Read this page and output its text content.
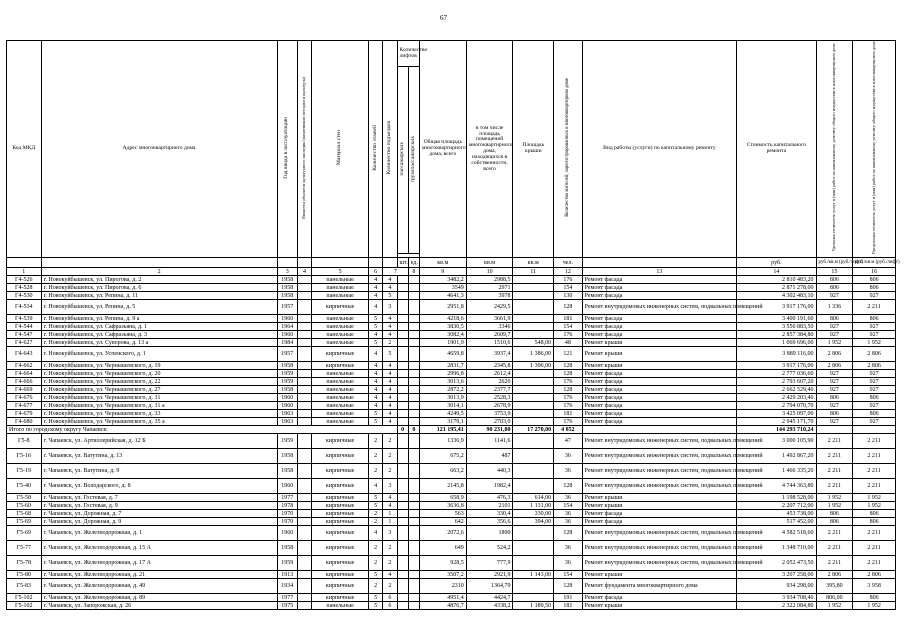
67
Код МКД	Адрес многоквартирного дома	Год ввода в эксплуатацию	Является объектом культурного наследия (памятником истории и культуры)	Материал стен	Количество этажей	Количество подъездов	Количество лифтов		Общая площадь многоквартирного дома, всего	в том числе площадь помещений многоквартирного дома, находящихся в собственности, всего	Площадь крыши	Количество жителей, зарегистрированных в многоквартирном доме	Вид работы (услуги) по капитальному ремонту	Стоимость капитального ремонта	Удельная стоимость услуг и (или) работ по капитальному ремонту общего имущества в многоквартирном доме	Предельная стоимость услуг и (или) работ по капитальному ремонту общего имущества в многоквартирном доме
							пассажирских	грузопассажирских								

							шт.	ед.	кв.м	кв.м	кв.м	чел.		руб.	руб./кв.м (руб./лифт)	руб./кв.м (руб./лифт)
1	2	3	4	5	6	7		8	9	10	11	12	13	14	15	16
Г4-526	г. Новокуйбышевск, ул. Пирогова, д. 2	1958		панельные	4	4			3482,2	2988,5		176	Ремонт фасада	2 810 483,20	806	806
Г4-528	г. Новокуйбышевск, ул. Пирогова, д. 6	1958		панельные	4	4			3549	2971		154	Ремонт фасада	2 871 278,00	806	806
Г4-530	г. Новокуйбышевск, ул. Репина, д. 11	1958		панельные	4	5			4641,3	3978		130	Ремонт фасада	4 302 483,10	927	927
Г4-534	г. Новокуйбышевск, ул. Репина, д. 5	1957		кирпичные	4	3			2951,8	2429,5		128	Ремонт внутридомовых инженерных систем, подвальных помещений	3 917 176,00	1 336	2 211
Г4-539	г. Новокуйбышевск, ул. Репина, д. 9 а	1960		панельные	5	4			4218,6	3661,9		181	Ремонт фасада	3 400 191,60	806	806
Г4-544	г. Новокуйбышевск, ул. Сафразьяна, д. 1	1964		панельные	5	4			3830,5	3346		154	Ремонт фасада	3 550 883,50	927	927
Г4-547	г. Новокуйбышевск, ул. Сафразьяна, д. 3	1960		панельные	4	4			3082,4	2609,7		176	Ремонт фасада	2 857 384,80	927	927
Г4-627	г. Новокуйбышевск, ул. Суворова, д. 13 а	1984		панельные	5	2			1901,9	1510,6	548,00	48	Ремонт крыши	1 069 696,00	1 952	1 952
Г4-643	г. Новокуйбышевск, ул. Успенского, д. 1	1957		кирпичные	4	5			4659,8	3937,4	1 386,00	121	Ремонт крыши	3 889 116,00	2 806	2 806
Г4-662	г. Новокуйбышевск, ул. Чернышевского, д. 19	1958		кирпичные	4	4			2831,7	2345,8	1 396,00	128	Ремонт крыши	3 917 176,00	2 806	2 806
Г4-664	г. Новокуйбышевск, ул. Чернышевского, д. 20	1959		панельные	4	4			2996,8	2612,4		128	Ремонт фасада	2 777 036,60	927	927
Г4-666	г. Новокуйбышевск, ул. Чернышевского, д. 22	1959		панельные	4	4			3013,6	2620		176	Ремонт фасада	2 793 607,20	927	927
Г4-669	г. Новокуйбышевск, ул. Чернышевского, д. 27	1958		панельные	4	4			2872,2	2377,7		128	Ремонт фасада	2 662 529,40	927	927
Г4-676	г. Новокуйбышевск, ул. Чернышевского, д. 31	1960		панельные	4	4			3013,9	2528,3		176	Ремонт фасада	2 429 203,40	806	806
Г4-677	г. Новокуйбышевск, ул. Чернышевского, д. 31 а	1960		панельные	4	4			3014,1	2678,9		176	Ремонт фасада	2 794 070,70	927	927
Г4-679	г. Новокуйбышевск, ул. Чернышевского, д. 33	1963		панельные	5	4			4249,5	3753,9		181	Ремонт фасада	3 425 097,00	806	806
Г4-680	г. Новокуйбышевск, ул. Чернышевского, д. 35 а	1963		панельные	5	4			3179,1	2703,0		176	Ремонт фасада	2 945 171,70	927	927
Итого по городскому округу Чапаевск:							0	0	121 195,41	90 231,80	17 270,00	4 852		144 293 710,24		
Г5-8	г. Чапаевск, ул. Артиллерийская, д. 12 Б	1959		кирпичные	2	2			1336,9	1141,6		47	Ремонт внутридомовых инженерных систем, подвальных помещений	3 000 105,90	2 211	2 211
Г5-16	г. Чапаевск, ул. Ватутина, д. 13	1958		кирпичные	2	2			675,2	487		36	Ремонт внутридомовых инженерных систем, подвальных помещений	1 492 867,20	2 211	2 211
Г5-19	г. Чапаевск, ул. Ватутина, д. 9	1958		кирпичные	2	2			663,2	440,3		36	Ремонт внутридомовых инженерных систем, подвальных помещений	1 466 335,20	2 211	2 211
Г5-40	г. Чапаевск, ул. Володарского, д. 8	1960		кирпичные	4	3			2145,8	1982,4		128	Ремонт внутридомовых инженерных систем, подвальных помещений	4 744 363,80	2 211	2 211
Г5-58	г. Чапаевск, ул. Гостевая, д. 7	1977		кирпичные	5	4			658,9	476,3	614,00	36	Ремонт крыши	1 198 528,00	1 952	1 952
Г5-60	г. Чапаевск, ул. Гостевая, д. 9	1978		кирпичные	5	4			3636,8	2101	1 131,00	154	Ремонт крыши	2 207 712,00	1 952	1 952
Г5-68	г. Чапаевск, ул. Дорожная, д. 7	1970		кирпичные	2	1			563	330,4	330,00	36	Ремонт фасада	453 738,00	806	806
Г5-69	г. Чапаевск, ул. Дорожная, д. 9	1970		кирпичные	2	1			642	356,6	394,00	36	Ремонт фасада	517 452,00	806	806
Г5-69	г. Чапаевск, ул. Железнодорожная, д. 1	1960		кирпичные	4	3			2072,6	1890		128	Ремонт внутридомовых инженерных систем, подвальных помещений	4 582 518,60	2 211	2 211
Г5-77	г. Чапаевск, ул. Железнодорожная, д. 15 А	1958		кирпичные	2	2			649	524,2		36	Ремонт внутридомовых инженерных систем, подвальных помещений	1 348 710,00	2 211	2 211
Г5-78	г. Чапаевск, ул. Железнодорожная, д. 17 А	1959		кирпичные	2	2			928,5	777,9		36	Ремонт внутридомовых инженерных систем, подвальных помещений	2 052 473,50	2 211	2 211
Г5-80	г. Чапаевск, ул. Железнодорожная, д. 21	1913		кирпичные	5	4			3507,2	2921,9	1 143,00	154	Ремонт крыши	3 207 258,00	2 806	2 806
Г5-83	г. Чапаевск, ул. Железнодорожная, д. 49	1934		кирпичные	2	2			2310	1364,79		128	Ремонт фундамента многоквартирного дома	934 298,00	395,80	3 958
Г5-102	г. Чапаевск, ул. Железнодорожная, д. 89	1977		кирпичные	5	6			4951,4	4424,7		191	Ремонт фасада	3 934 708,40	806,00	806
Г5-102	г. Чапаевск, ул. Запорожская, д. 26	1975		панельные	5	6			4876,7	4338,2	1 189,50	181	Ремонт крыши	2 322 084,80	1 952	1 952
